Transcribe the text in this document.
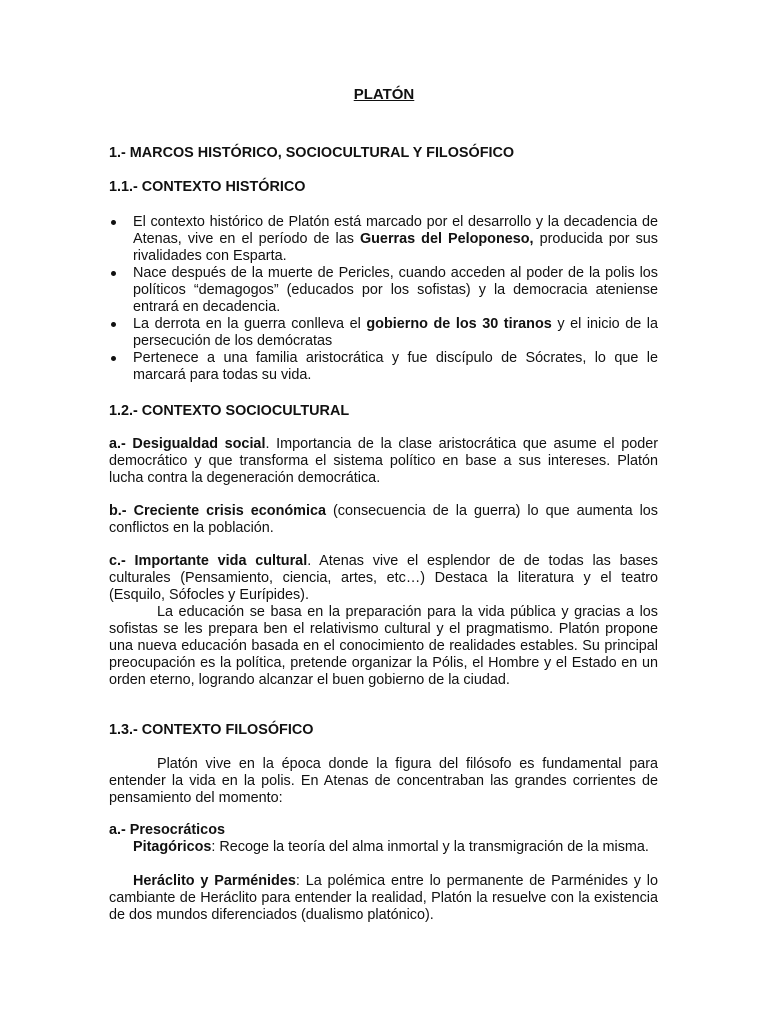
PLATÓN
1.- MARCOS HISTÓRICO, SOCIOCULTURAL Y FILOSÓFICO
1.1.- CONTEXTO HISTÓRICO
El contexto histórico de Platón está marcado por el desarrollo y la decadencia de Atenas, vive en el período de las Guerras del Peloponeso, producida por sus rivalidades con Esparta.
Nace después de la muerte de Pericles, cuando acceden al poder de la polis los políticos “demagogos” (educados por los sofistas) y la democracia ateniense entrará en decadencia.
La derrota en la guerra conlleva el gobierno de los 30 tiranos y el inicio de la persecución de los demócratas
Pertenece a una familia aristocrática y fue discípulo de Sócrates, lo que le marcará para todas su vida.
1.2.- CONTEXTO SOCIOCULTURAL
a.- Desigualdad social. Importancia de la clase aristocrática que asume el poder democrático y que transforma el sistema político en base a sus intereses. Platón lucha contra la degeneración democrática.
b.- Creciente crisis económica (consecuencia de la guerra) lo que aumenta los conflictos en la población.
c.- Importante vida cultural. Atenas vive el esplendor de de todas las bases culturales (Pensamiento, ciencia, artes, etc…) Destaca la literatura y el teatro (Esquilo, Sófocles y Eurípides).
La educación se basa en la preparación para la vida pública y gracias a los sofistas se les prepara ben el relativismo cultural y el pragmatismo. Platón propone una nueva educación basada en el conocimiento de realidades estables. Su principal preocupación es la política, pretende organizar la Pólis, el Hombre y el Estado en un orden eterno, logrando alcanzar el buen gobierno de la ciudad.
1.3.- CONTEXTO FILOSÓFICO
Platón vive en la época donde la figura del filósofo es fundamental para entender la vida en la polis. En Atenas de concentraban las grandes corrientes de pensamiento del momento:
a.- Presocráticos
Pitagóricos: Recoge la teoría del alma inmortal y la transmigración de la misma.
Heráclito y Parménides: La polémica entre lo permanente de Parménides y lo cambiante de Heráclito para entender la realidad, Platón la resuelve con la existencia de dos mundos diferenciados (dualismo platónico).
